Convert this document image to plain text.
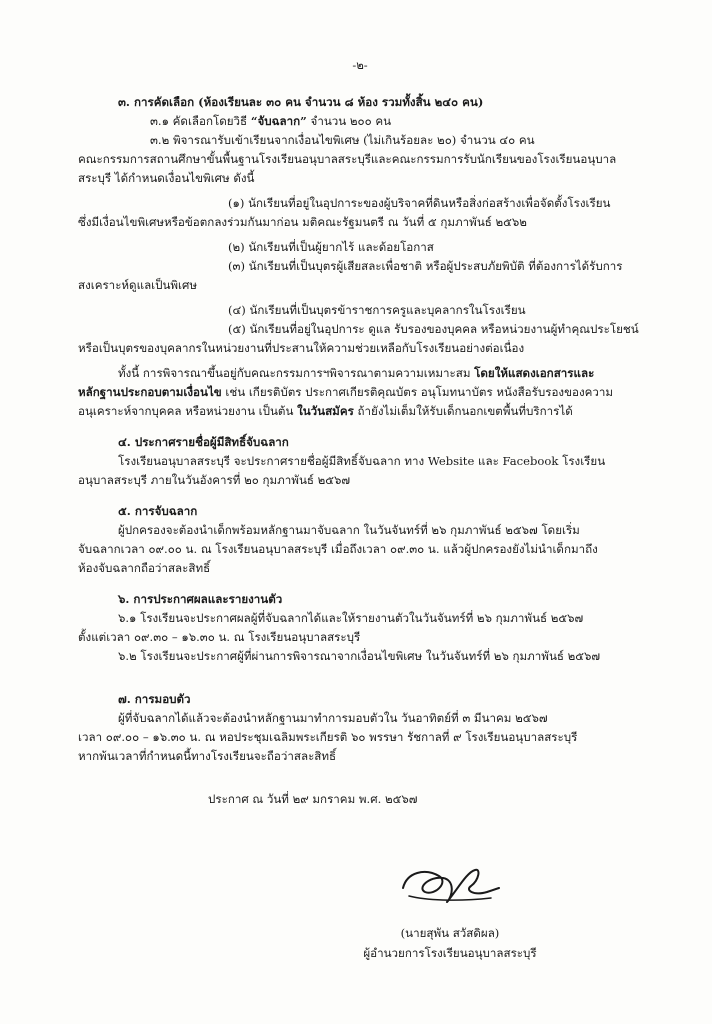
-๒-

๓. การคัดเลือก (ห้องเรียนละ ๓๐ คน จำนวน ๘ ห้อง รวมทั้งสิ้น ๒๔๐ คน)

๓.๑ คัดเลือกโดยวิธี “จับฉลาก” จำนวน ๒๐๐ คน

๓.๒ พิจารณารับเข้าเรียนจากเงื่อนไขพิเศษ (ไม่เกินร้อยละ ๒๐) จำนวน ๔๐ คน

คณะกรรมการสถานศึกษาขั้นพื้นฐานโรงเรียนอนุบาลสระบุรีและคณะกรรมการรับนักเรียนของโรงเรียนอนุบาล

สระบุรี ได้กำหนดเงื่อนไขพิเศษ ดังนี้

(๑) นักเรียนที่อยู่ในอุปการะของผู้บริจาคที่ดินหรือสิ่งก่อสร้างเพื่อจัดตั้งโรงเรียน

ซึ่งมีเงื่อนไขพิเศษหรือข้อตกลงร่วมกันมาก่อน มติคณะรัฐมนตรี ณ วันที่ ๕ กุมภาพันธ์ ๒๕๖๒

(๒) นักเรียนที่เป็นผู้ยากไร้ และด้อยโอกาส

(๓) นักเรียนที่เป็นบุตรผู้เสียสละเพื่อชาติ หรือผู้ประสบภัยพิบัติ ที่ต้องการได้รับการ

สงเคราะห์ดูแลเป็นพิเศษ

(๔) นักเรียนที่เป็นบุตรข้าราชการครูและบุคลากรในโรงเรียน

(๕) นักเรียนที่อยู่ในอุปการะ ดูแล รับรองของบุคคล หรือหน่วยงานผู้ทำคุณประโยชน์

หรือเป็นบุตรของบุคลากรในหน่วยงานที่ประสานให้ความช่วยเหลือกับโรงเรียนอย่างต่อเนื่อง

ทั้งนี้ การพิจารณาขึ้นอยู่กับคณะกรรมการฯพิจารณาตามความเหมาะสม โดยให้แสดงเอกสารและ

หลักฐานประกอบตามเงื่อนไข เช่น เกียรติบัตร ประกาศเกียรติคุณบัตร อนุโมทนาบัตร หนังสือรับรองของความ

อนุเคราะห์จากบุคคล หรือหน่วยงาน เป็นต้น ในวันสมัคร ถ้ายังไม่เต็มให้รับเด็กนอกเขตพื้นที่บริการได้

๔. ประกาศรายชื่อผู้มีสิทธิ์จับฉลาก

โรงเรียนอนุบาลสระบุรี จะประกาศรายชื่อผู้มีสิทธิ์จับฉลาก ทาง Website และ Facebook โรงเรียน

อนุบาลสระบุรี ภายในวันอังคารที่ ๒๐ กุมภาพันธ์ ๒๕๖๗

๕. การจับฉลาก

ผู้ปกครองจะต้องนำเด็กพร้อมหลักฐานมาจับฉลาก ในวันจันทร์ที่ ๒๖ กุมภาพันธ์ ๒๕๖๗ โดยเริ่ม

จับฉลากเวลา ๐๙.๐๐ น. ณ โรงเรียนอนุบาลสระบุรี เมื่อถึงเวลา ๐๙.๓๐ น. แล้วผู้ปกครองยังไม่นำเด็กมาถึง

ห้องจับฉลากถือว่าสละสิทธิ์

๖. การประกาศผลและรายงานตัว

๖.๑ โรงเรียนจะประกาศผลผู้ที่จับฉลากได้และให้รายงานตัวในวันจันทร์ที่ ๒๖ กุมภาพันธ์ ๒๕๖๗

ตั้งแต่เวลา ๐๙.๓๐ – ๑๖.๓๐ น. ณ โรงเรียนอนุบาลสระบุรี

๖.๒ โรงเรียนจะประกาศผู้ที่ผ่านการพิจารณาจากเงื่อนไขพิเศษ ในวันจันทร์ที่ ๒๖ กุมภาพันธ์ ๒๕๖๗

๗. การมอบตัว

ผู้ที่จับฉลากได้แล้วจะต้องนำหลักฐานมาทำการมอบตัวใน วันอาทิตย์ที่ ๓ มีนาคม ๒๕๖๗

เวลา ๐๙.๐๐ – ๑๖.๓๐ น. ณ หอประชุมเฉลิมพระเกียรติ ๖๐ พรรษา รัชกาลที่ ๙ โรงเรียนอนุบาลสระบุรี

หากพ้นเวลาที่กำหนดนี้ทางโรงเรียนจะถือว่าสละสิทธิ์

ประกาศ ณ วันที่ ๒๙ มกราคม พ.ศ. ๒๕๖๗

(นายสุพัน สวัสดิผล)
ผู้อำนวยการโรงเรียนอนุบาลสระบุรี
